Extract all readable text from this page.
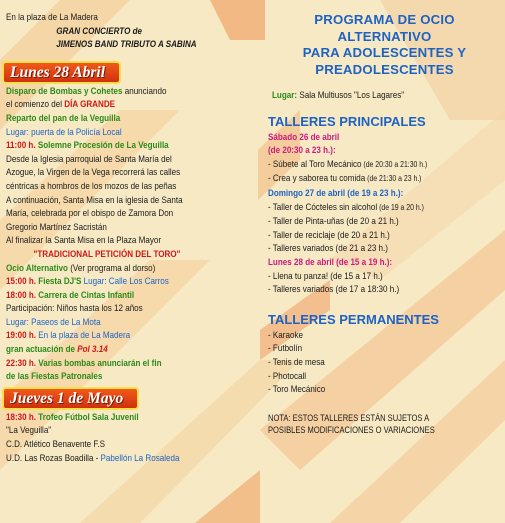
En la plaza de La Madera
GRAN CONCIERTO de
JIMENOS BAND TRIBUTO A SABINA
Lunes 28 Abril
Disparo de Bombas y Cohetes anunciando
el comienzo del DÍA GRANDE
Reparto del pan de la Veguilla
Lugar: puerta de la Policía Local
11:00 h. Solemne Procesión de La Veguilla
Desde la Iglesia parroquial de Santa María del
Azogue, la Virgen de la Vega recorrerá las calles
céntricas a hombros de los mozos de las peñas
A continuación, Santa Misa en la iglesia de Santa
María, celebrada por el obispo de Zamora Don
Gregorio Martínez Sacristán
Al finalizar la Santa Misa en la Plaza Mayor
"TRADICIONAL PETICIÓN DEL TORO"
Ocio Alternativo (Ver programa al dorso)
15:00 h. Fiesta DJ'S Lugar: Calle Los Carros
18:00 h. Carrera de Cintas Infantil
Participación: Niños hasta los 12 años
Lugar: Paseos de La Mota
19:00 h. En la plaza de La Madera
gran actuación de Pol 3.14
22:30 h. Varias bombas anunciarán el fin
de las Fiestas Patronales
Jueves 1 de Mayo
18:30 h. Trofeo Fútbol Sala Juvenil
"La Veguilla"
C.D. Atlético Benavente F.S
U.D. Las Rozas Boadilla - Pabellón La Rosaleda
PROGRAMA DE OCIO
ALTERNATIVO
PARA ADOLESCENTES Y
PREADOLESCENTES
Lugar: Sala Multiusos "Los Lagares"
TALLERES PRINCIPALES
Sábado 26 de abril
(de 20:30 a 23 h.):
- Súbete al Toro Mecánico (de 20:30 a 21:30 h.)
- Crea y saborea tu comida (de 21:30 a 23 h.)
Domingo 27 de abril (de 19 a 23 h.):
- Taller de Cócteles sin alcohol (de 19 a 20 h.)
- Taller de Pinta-uñas (de 20 a 21 h.)
- Taller de reciclaje (de 20 a 21 h.)
- Talleres variados (de 21 a 23 h.)
Lunes 28 de abril (de 15 a 19 h.):
- Llena tu panza! (de 15 a 17 h.)
- Talleres variados (de 17 a 18:30 h.)
TALLERES PERMANENTES
- Karaoke
- Futbolín
- Tenis de mesa
- Photocall
- Toro Mecánico
NOTA: ESTOS TALLERES ESTÁN SUJETOS A
POSIBLES MODIFICACIONES O VARIACIONES
